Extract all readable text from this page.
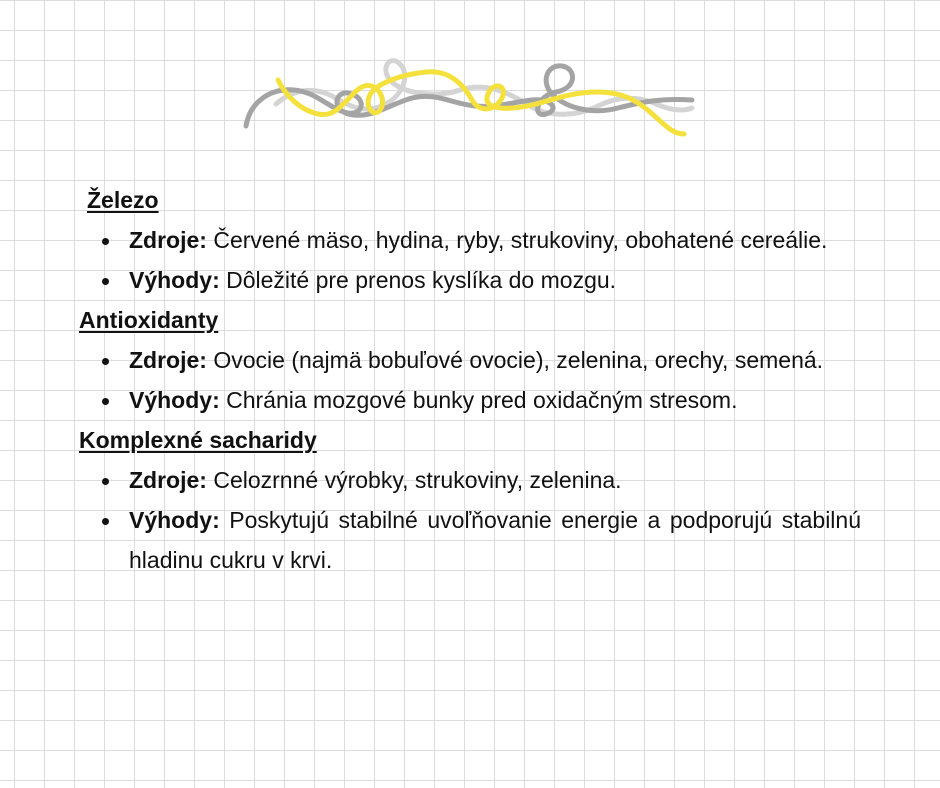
Železo
Zdroje: Červené mäso, hydina, ryby, strukoviny, obohatené cereálie.
Výhody: Dôležité pre prenos kyslíka do mozgu.
Antioxidanty
Zdroje: Ovocie (najmä bobuľové ovocie), zelenina, orechy, semená.
Výhody: Chránia mozgové bunky pred oxidačným stresom.
Komplexné sacharidy
Zdroje: Celozrnné výrobky, strukoviny, zelenina.
Výhody: Poskytujú stabilné uvoľňovanie energie a podporujú stabilnú hladinu cukru v krvi.
